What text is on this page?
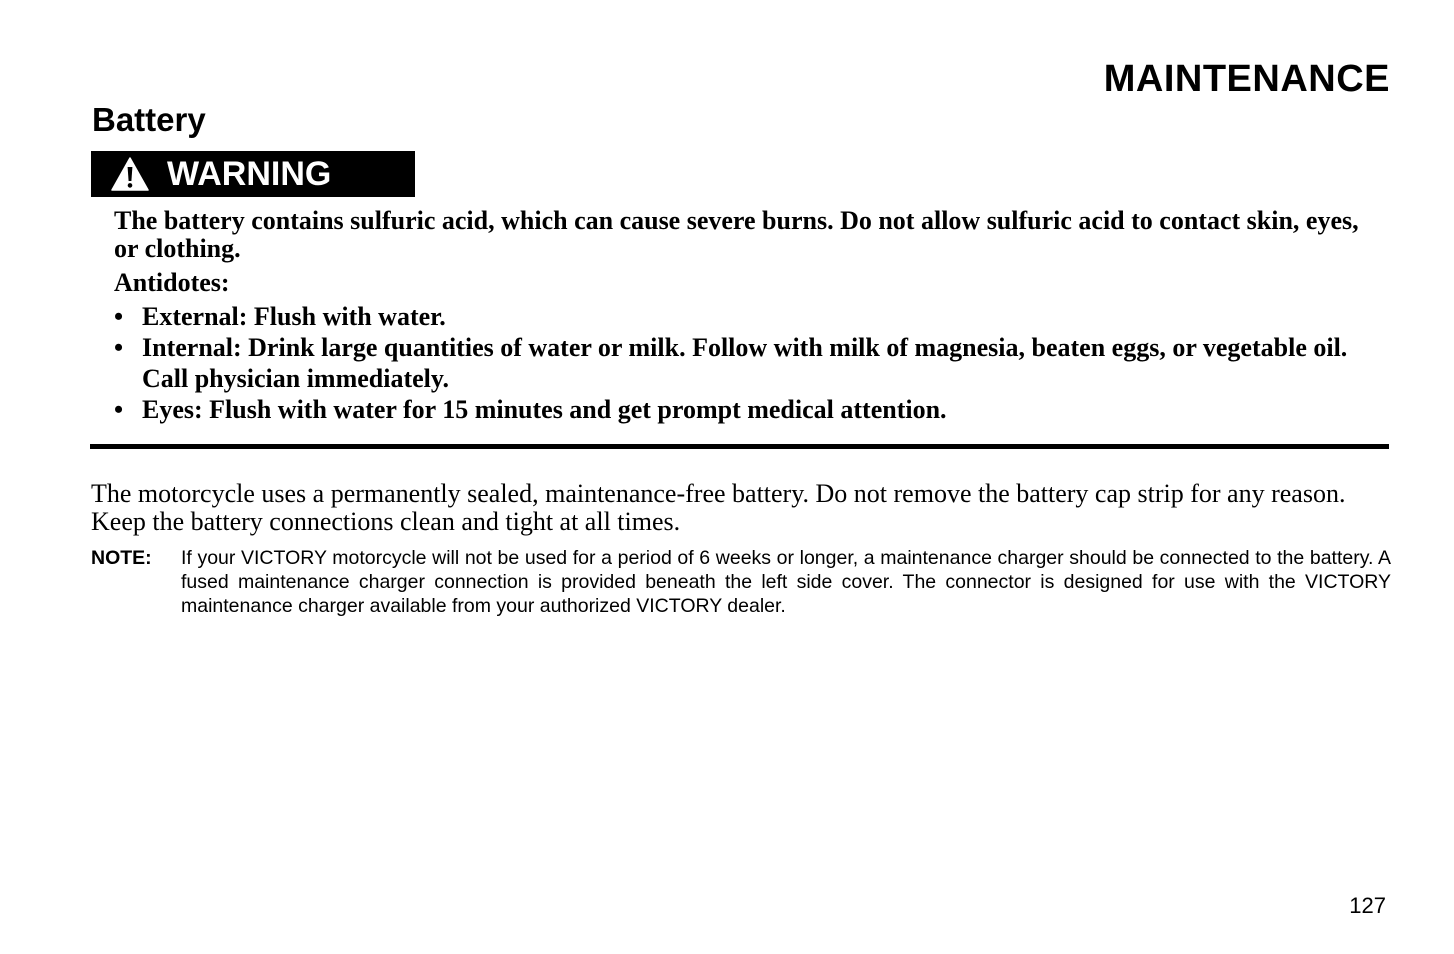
MAINTENANCE
Battery
WARNING

The battery contains sulfuric acid, which can cause severe burns. Do not allow sulfuric acid to contact skin, eyes, or clothing.

Antidotes:

• External: Flush with water.
• Internal: Drink large quantities of water or milk. Follow with milk of magnesia, beaten eggs, or vegetable oil. Call physician immediately.
• Eyes: Flush with water for 15 minutes and get prompt medical attention.

The motorcycle uses a permanently sealed, maintenance-free battery. Do not remove the battery cap strip for any reason. Keep the battery connections clean and tight at all times.

NOTE:	If your VICTORY motorcycle will not be used for a period of 6 weeks or longer, a maintenance charger should be connected to the battery. A fused maintenance charger connection is provided beneath the left side cover. The connector is designed for use with the VICTORY maintenance charger available from your authorized VICTORY dealer.
127
